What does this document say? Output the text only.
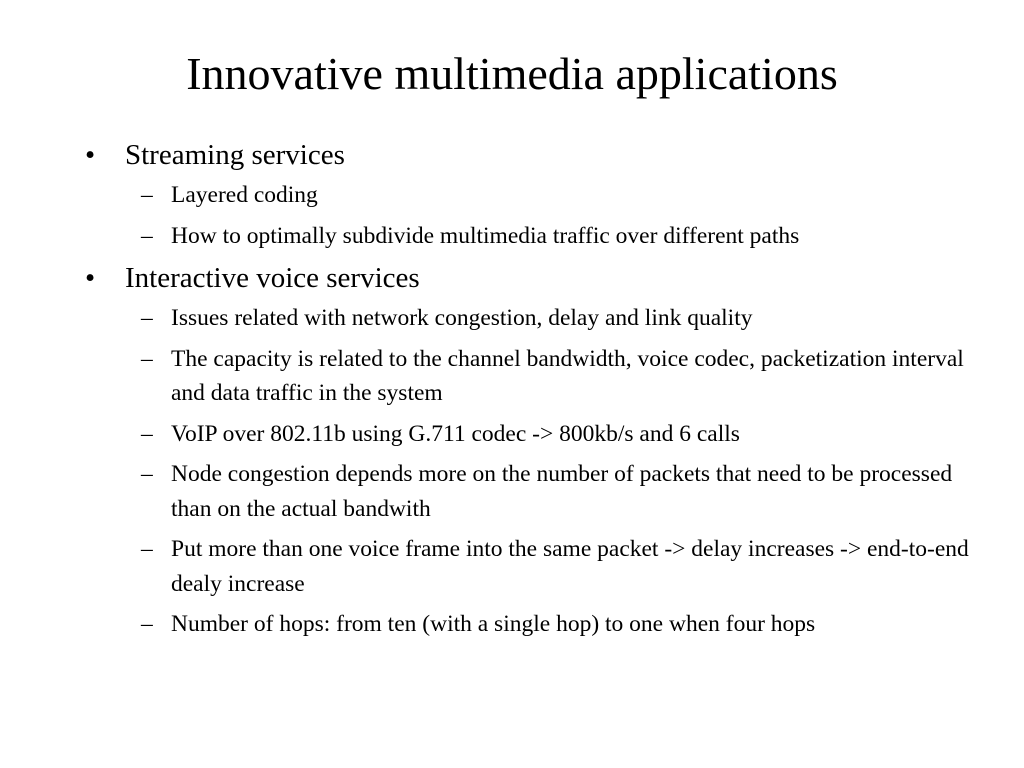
Innovative multimedia applications
• Streaming services
– Layered coding
– How to optimally subdivide multimedia traffic over different paths
• Interactive voice services
– Issues related with network congestion, delay and link quality
– The capacity is related to the channel bandwidth, voice codec, packetization interval and data traffic in the system
– VoIP over 802.11b using G.711 codec -> 800kb/s and 6 calls
– Node congestion depends more on the number of packets that need to be processed than on the actual bandwith
– Put more than one voice frame into the same packet -> delay increases -> end-to-end dealy increase
– Number of hops: from ten (with a single hop) to one when four hops
